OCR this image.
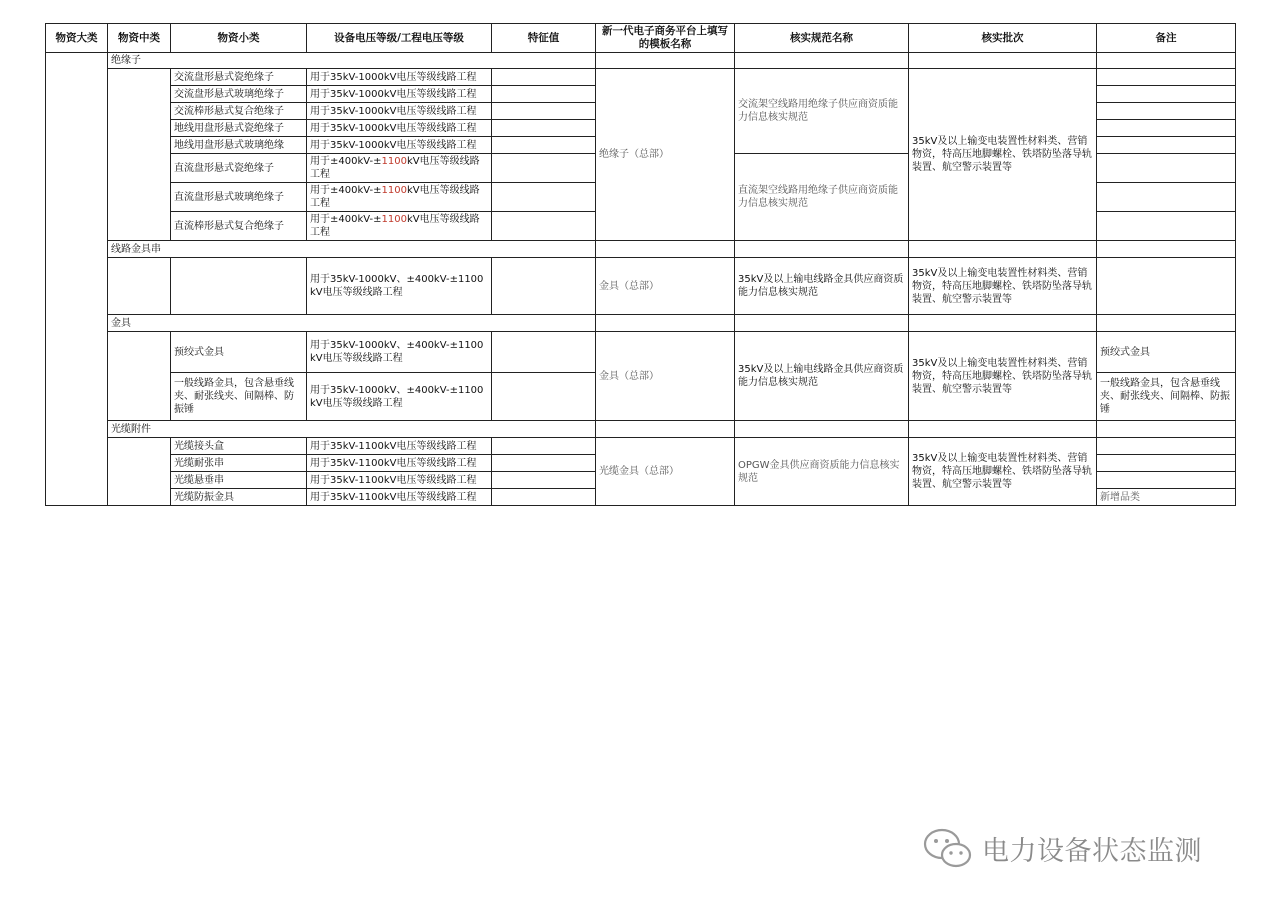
物资大类	物资中类	物资小类	设备电压等级/工程电压等级	特征值	新一代电子商务平台上填写的模板名称	核实规范名称	核实批次	备注
	绝缘子							
		交流盘形悬式瓷绝缘子	用于35kV-1000kV电压等级线路工程		绝缘子（总部）	交流架空线路用绝缘子供应商资质能力信息核实规范	35kV及以上输变电装置性材料类、营销物资，特高压地脚螺栓、铁塔防坠落导轨装置、航空警示装置等	
		交流盘形悬式玻璃绝缘子	用于35kV-1000kV电压等级线路工程					
		交流棒形悬式复合绝缘子	用于35kV-1000kV电压等级线路工程					
		地线用盘形悬式瓷绝缘子	用于35kV-1000kV电压等级线路工程					
		地线用盘形悬式玻璃绝缘	用于35kV-1000kV电压等级线路工程					
		直流盘形悬式瓷绝缘子	用于±400kV-±1100kV电压等级线路工程			直流架空线路用绝缘子供应商资质能力信息核实规范		
		直流盘形悬式玻璃绝缘子	用于±400kV-±1100kV电压等级线路工程					
		直流棒形悬式复合绝缘子	用于±400kV-±1100kV电压等级线路工程					
	线路金具串							
			用于35kV-1000kV、±400kV-±1100kV电压等级线路工程		金具（总部）	35kV及以上输电线路金具供应商资质能力信息核实规范	35kV及以上输变电装置性材料类、营销物资，特高压地脚螺栓、铁塔防坠落导轨装置、航空警示装置等	
	金具							
		预绞式金具	用于35kV-1000kV、±400kV-±1100kV电压等级线路工程		金具（总部）	35kV及以上输电线路金具供应商资质能力信息核实规范	35kV及以上输变电装置性材料类、营销物资，特高压地脚螺栓、铁塔防坠落导轨装置、航空警示装置等	预绞式金具
		一般线路金具，包含悬垂线夹、耐张线夹、间隔棒、防振锤	用于35kV-1000kV、±400kV-±1100kV电压等级线路工程					一般线路金具，包含悬垂线夹、耐张线夹、间隔棒、防振锤
	光缆附件							
		光缆接头盒	用于35kV-1100kV电压等级线路工程		光缆金具（总部）	OPGW金具供应商资质能力信息核实规范	35kV及以上输变电装置性材料类、营销物资，特高压地脚螺栓、铁塔防坠落导轨装置、航空警示装置等	
		光缆耐张串	用于35kV-1100kV电压等级线路工程					
		光缆悬垂串	用于35kV-1100kV电压等级线路工程					
		光缆防振金具	用于35kV-1100kV电压等级线路工程					新增品类
电力设备状态监测
